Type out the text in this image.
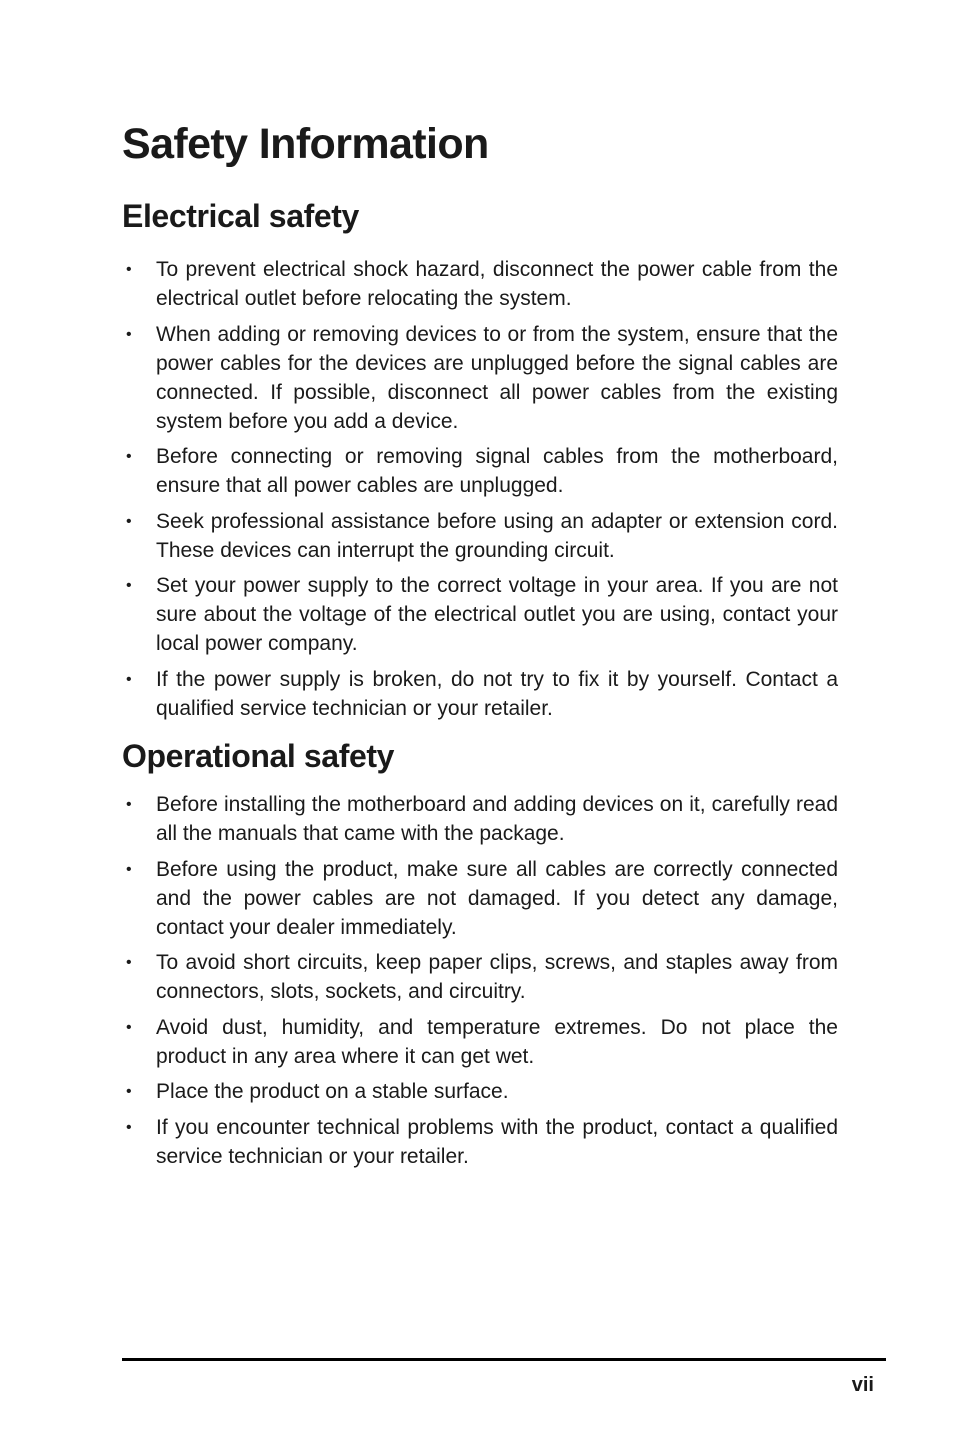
Safety Information
Electrical safety
• To prevent electrical shock hazard, disconnect the power cable from the electrical outlet before relocating the system.
• When adding or removing devices to or from the system, ensure that the power cables for the devices are unplugged before the signal cables are connected. If possible, disconnect all power cables from the existing system before you add a device.
• Before connecting or removing signal cables from the motherboard, ensure that all power cables are unplugged.
• Seek professional assistance before using an adapter or extension cord. These devices can interrupt the grounding circuit.
• Set your power supply to the correct voltage in your area. If you are not sure about the voltage of the electrical outlet you are using, contact your local power company.
• If the power supply is broken, do not try to fix it by yourself. Contact a qualified service technician or your retailer.
Operational safety
• Before installing the motherboard and adding devices on it, carefully read all the manuals that came with the package.
• Before using the product, make sure all cables are correctly connected and the power cables are not damaged. If you detect any damage, contact your dealer immediately.
• To avoid short circuits, keep paper clips, screws, and staples away from connectors, slots, sockets, and circuitry.
• Avoid dust, humidity, and temperature extremes. Do not place the product in any area where it can get wet.
• Place the product on a stable surface.
• If you encounter technical problems with the product, contact a qualified service technician or your retailer.
vii
